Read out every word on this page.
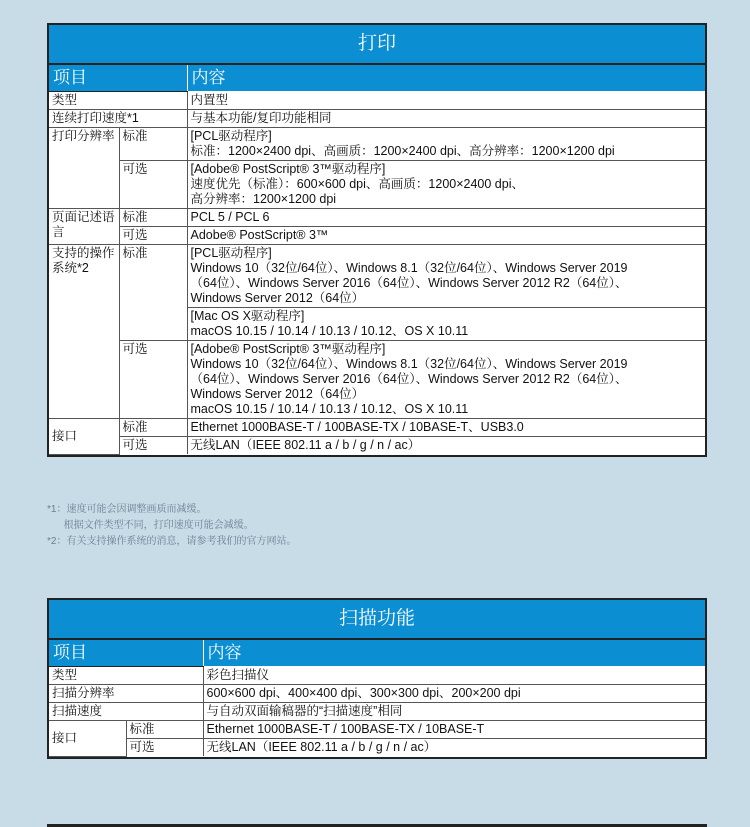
打印
项目		内容
类型		内置型
连续打印速度*1		与基本功能/复印功能相同
打印分辨率	标准	[PCL驱动程序]
标准：1200×2400 dpi、高画质：1200×2400 dpi、高分辨率：1200×1200 dpi

	可选	[Adobe® PostScript® 3™驱动程序]
速度优先（标准）：600×600 dpi、高画质：1200×2400 dpi、
高分辨率：1200×1200 dpi

页面记述语言	标准	PCL 5 / PCL 6
	可选	Adobe® PostScript® 3™
支持的操作系统*2	标准	[PCL驱动程序]
Windows 10（32位/64位）、Windows 8.1（32位/64位）、Windows Server 2019
（64位）、Windows Server 2016（64位）、Windows Server 2012 R2（64位）、
Windows Server 2012（64位）

		[Mac OS X驱动程序]
macOS 10.15 / 10.14 / 10.13 / 10.12、OS X 10.11

	可选	[Adobe® PostScript® 3™驱动程序]
Windows 10（32位/64位）、Windows 8.1（32位/64位）、Windows Server 2019
（64位）、Windows Server 2016（64位）、Windows Server 2012 R2（64位）、
Windows Server 2012（64位）
macOS 10.15 / 10.14 / 10.13 / 10.12、OS X 10.11

接口	标准	Ethernet 1000BASE-T / 100BASE-TX / 10BASE-T、USB3.0
	可选	无线LAN（IEEE 802.11 a / b / g / n / ac）
*1：速度可能会因调整画质而减缓。
根据文件类型不同，打印速度可能会减缓。
*2：有关支持操作系统的消息，请参考我们的官方网站。
扫描功能
项目		内容
类型		彩色扫描仪
扫描分辨率		600×600 dpi、400×400 dpi、300×300 dpi、200×200 dpi
扫描速度		与自动双面输稿器的“扫描速度”相同
接口	标准	Ethernet 1000BASE-T / 100BASE-TX / 10BASE-T
	可选	无线LAN（IEEE 802.11 a / b / g / n / ac）
